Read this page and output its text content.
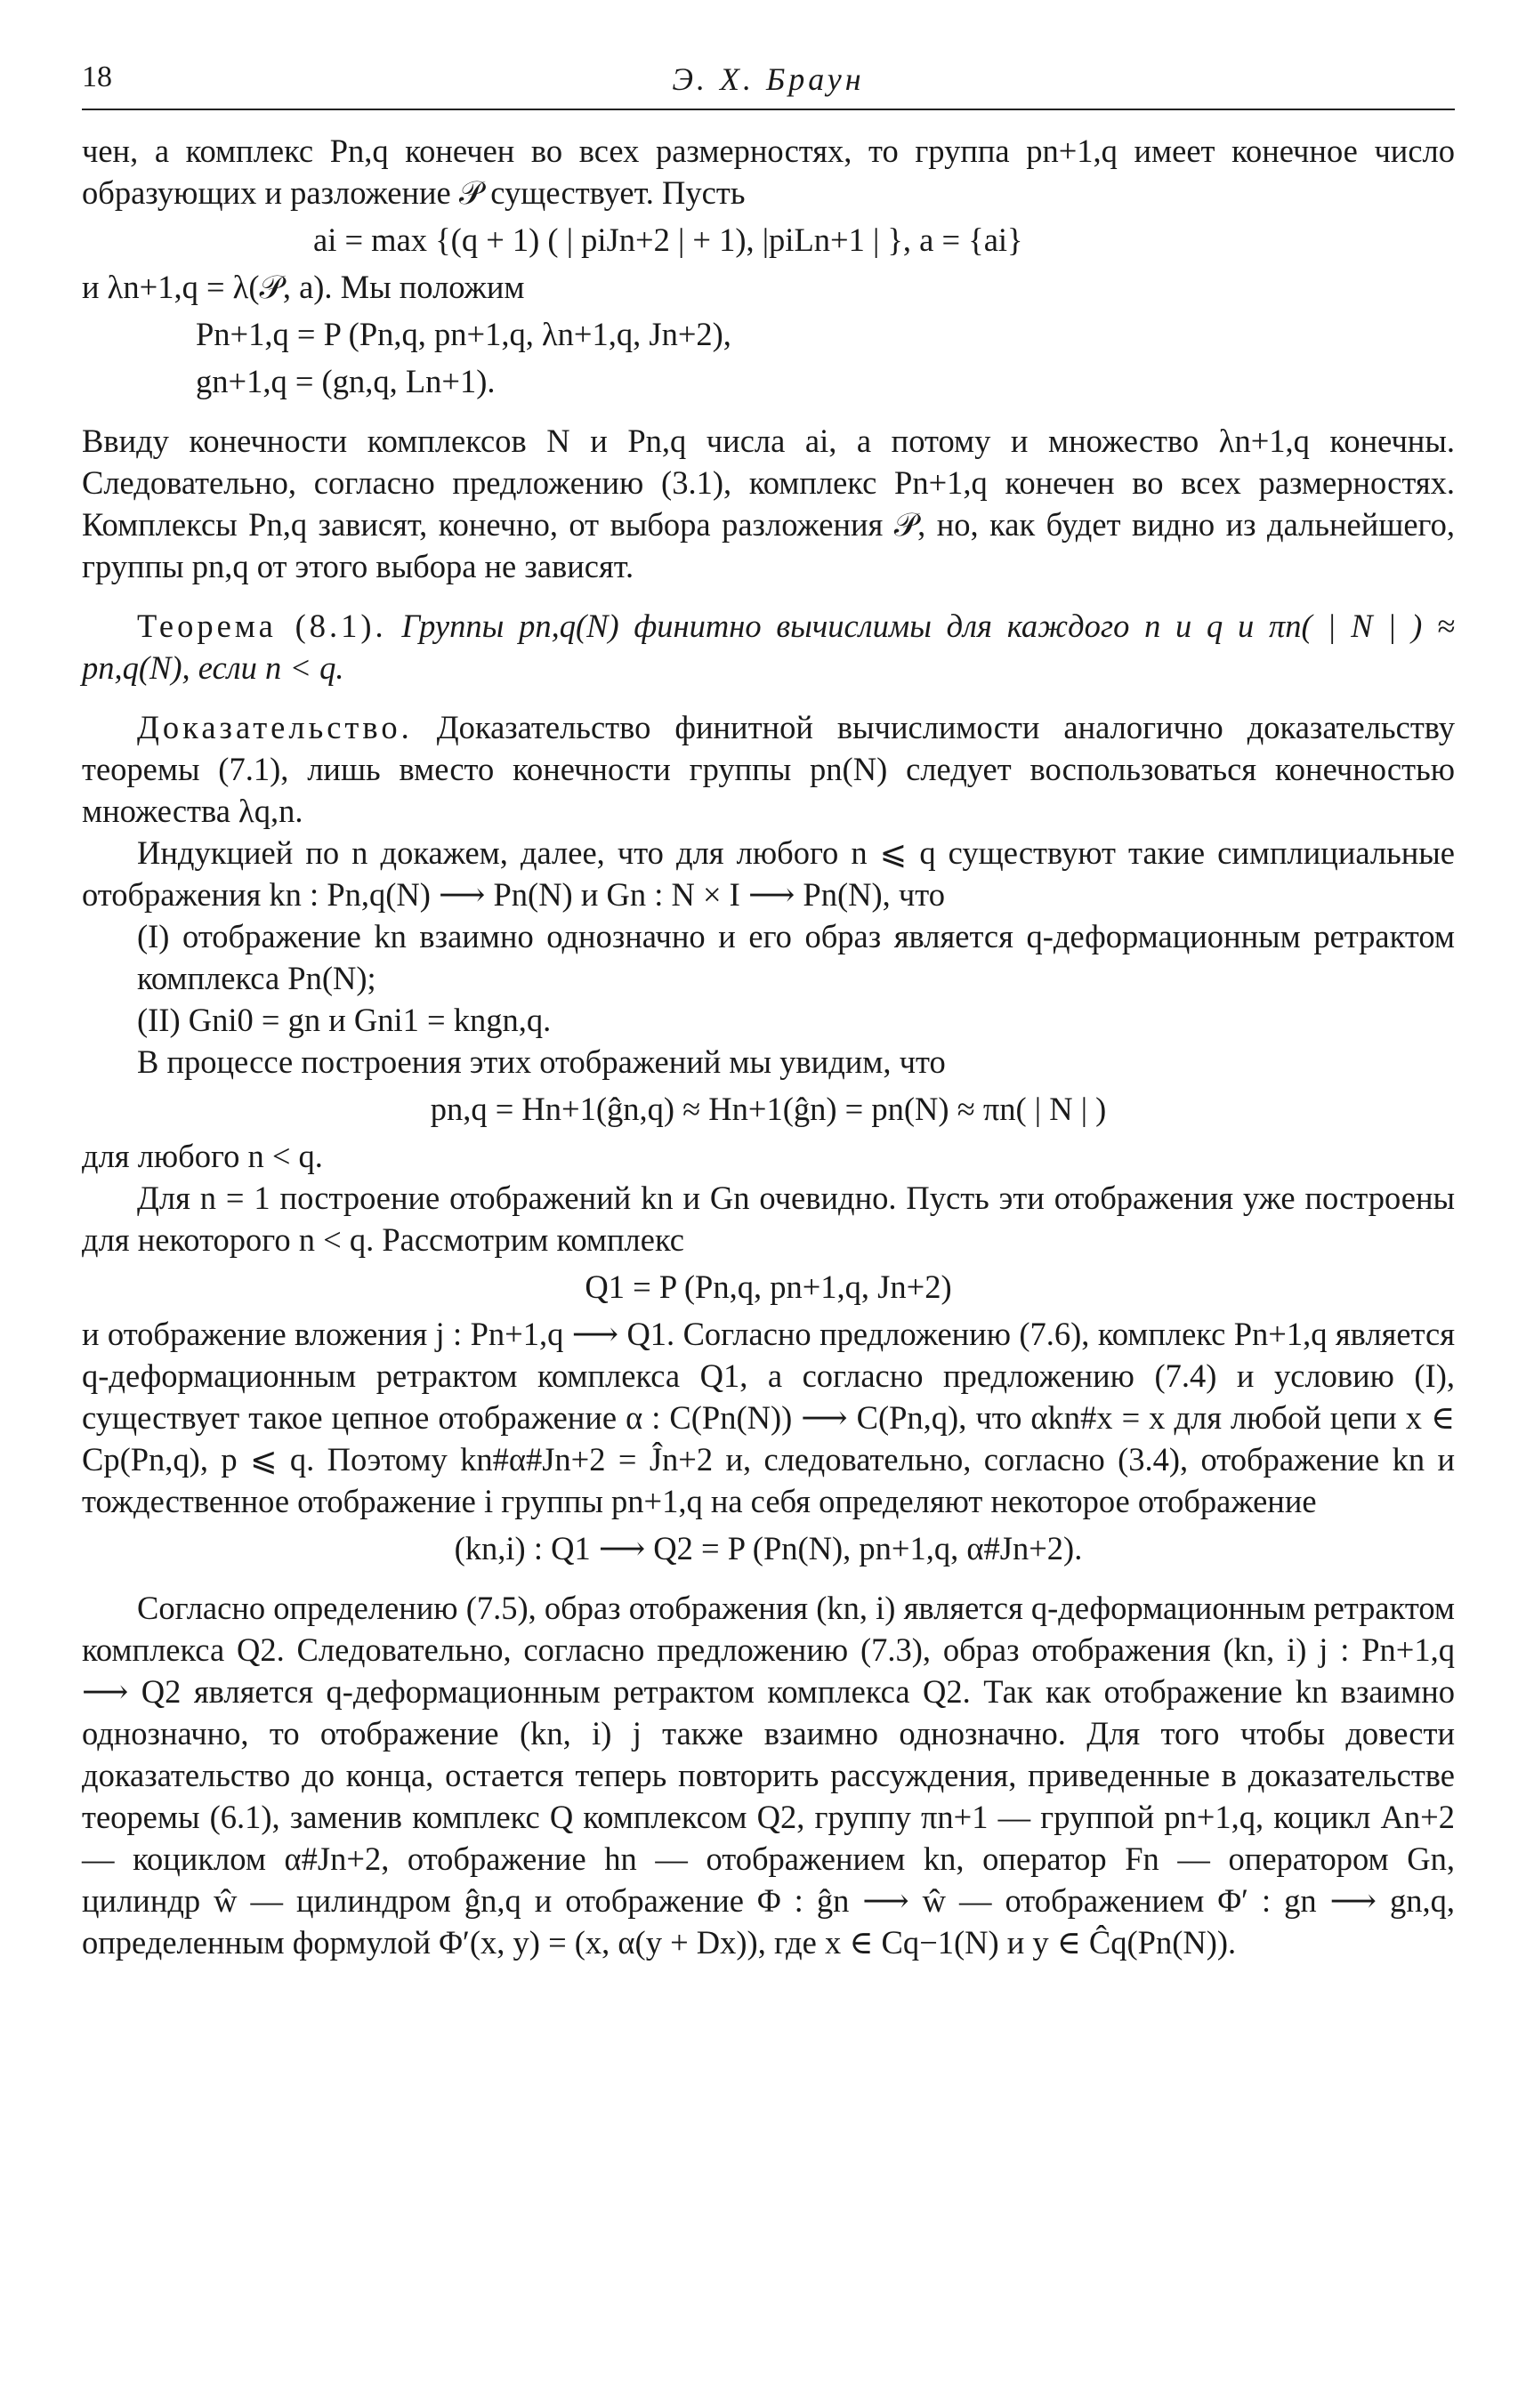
18	Э. Х. Браун

чен, а комплекс Pn,q конечен во всех размерностях, то группа pn+1,q имеет конечное число образующих и разложение 𝒫 существует. Пусть

ai = max {(q + 1) ( | piJn+2 | + 1), |piLn+1 | }, a = {ai}

и λn+1,q = λ(𝒫, a). Мы положим

Pn+1,q = P (Pn,q, pn+1,q, λn+1,q, Jn+2),
gn+1,q = (gn,q, Ln+1).

Ввиду конечности комплексов N и Pn,q числа ai, а потому и множество λn+1,q конечны. Следовательно, согласно предложению (3.1), комплекс Pn+1,q конечен во всех размерностях. Комплексы Pn,q зависят, конечно, от выбора разложения 𝒫, но, как будет видно из дальнейшего, группы pn,q от этого выбора не зависят.

Теорема (8.1). Группы pn,q(N) финитно вычислимы для каждого n и q и πn( | N | ) ≈ pn,q(N), если n < q.

Доказательство. Доказательство финитной вычислимости аналогично доказательству теоремы (7.1), лишь вместо конечности группы pn(N) следует воспользоваться конечностью множества λq,n.

Индукцией по n докажем, далее, что для любого n ⩽ q существуют такие симплициальные отображения kn : Pn,q(N) ⟶ Pn(N) и Gn : N × I ⟶ Pn(N), что

(I) отображение kn взаимно однозначно и его образ является q-деформационным ретрактом комплекса Pn(N);

(II) Gni0 = gn и Gni1 = kngn,q.

В процессе построения этих отображений мы увидим, что

pn,q = Hn+1(ĝn,q) ≈ Hn+1(ĝn) = pn(N) ≈ πn( | N | )

для любого n < q.

Для n = 1 построение отображений kn и Gn очевидно. Пусть эти отображения уже построены для некоторого n < q. Рассмотрим комплекс

Q1 = P (Pn,q, pn+1,q, Jn+2)

и отображение вложения j : Pn+1,q ⟶ Q1. Согласно предложению (7.6), комплекс Pn+1,q является q-деформационным ретрактом комплекса Q1, а согласно предложению (7.4) и условию (I), существует такое цепное отображение α : C(Pn(N)) ⟶ C(Pn,q), что αkn#x = x для любой цепи x ∈ Cp(Pn,q), p ⩽ q. Поэтому kn#α#Jn+2 = Ĵn+2 и, следовательно, согласно (3.4), отображение kn и тождественное отображение i группы pn+1,q на себя определяют некоторое отображение

(kn,i) : Q1 ⟶ Q2 = P (Pn(N), pn+1,q, α#Jn+2).

Согласно определению (7.5), образ отображения (kn, i) является q-деформационным ретрактом комплекса Q2. Следовательно, согласно предложению (7.3), образ отображения (kn, i) j : Pn+1,q ⟶ Q2 является q-деформационным ретрактом комплекса Q2. Так как отображение kn взаимно однозначно, то отображение (kn, i) j также взаимно однозначно. Для того чтобы довести доказательство до конца, остается теперь повторить рассуждения, приведенные в доказательстве теоремы (6.1), заменив комплекс Q комплексом Q2, группу πn+1 — группой pn+1,q, коцикл An+2 — коциклом α#Jn+2, отображение hn — отображением kn, оператор Fn — оператором Gn, цилиндр ŵ — цилиндром ĝn,q и отображение Φ : ĝn ⟶ ŵ — отображением Φ′ : gn ⟶ gn,q, определенным формулой Φ′(x, y) = (x, α(y + Dx)), где x ∈ Cq−1(N) и y ∈ Ĉq(Pn(N)).
